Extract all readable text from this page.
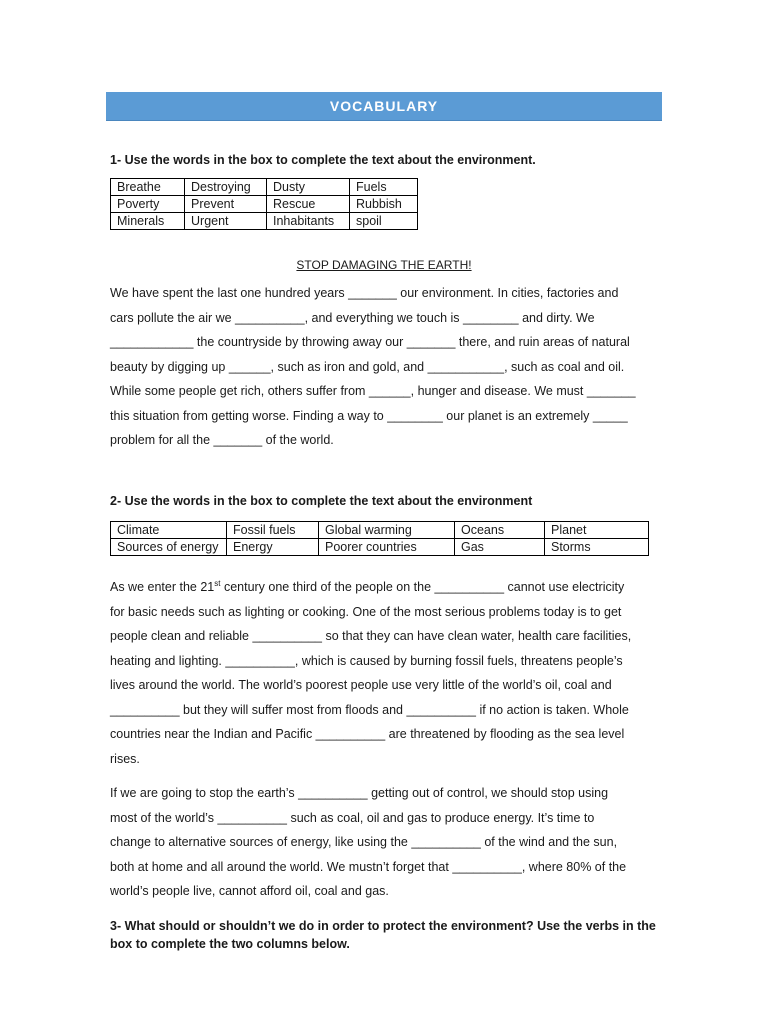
VOCABULARY
1- Use the words in the box to complete the text about the environment.
Breathe	Destroying	Dusty	Fuels
Poverty	Prevent	Rescue	Rubbish
Minerals	Urgent	Inhabitants	spoil
STOP DAMAGING THE EARTH!

We have spent the last one hundred years _______ our environment. In cities, factories and

cars pollute the air we __________, and everything we touch is ________ and dirty. We

____________ the countryside by throwing away our _______ there, and ruin areas of natural

beauty by digging up ______, such as iron and gold, and ___________, such as coal and oil.

While some people get rich, others suffer from ______, hunger and disease. We must _______

this situation from getting worse. Finding a way to ________ our planet is an extremely _____

problem for all the _______ of the world.

2- Use the words in the box to complete the text about the environment
Climate	Fossil fuels	Global warming	Oceans	Planet
Sources of energy	Energy	Poorer countries	Gas	Storms

As we enter the 21st century one third of the people on the __________ cannot use electricity

for basic needs such as lighting or cooking. One of the most serious problems today is to get

people clean and reliable __________ so that they can have clean water, health care facilities,

heating and lighting. __________, which is caused by burning fossil fuels, threatens people’s

lives around the world. The world’s poorest people use very little of the world’s oil, coal and

__________ but they will suffer most from floods and __________ if no action is taken. Whole

countries near the Indian and Pacific __________ are threatened by flooding as the sea level

rises.

If we are going to stop the earth’s __________ getting out of control, we should stop using

most of the world’s __________ such as coal, oil and gas to produce energy. It’s time to

change to alternative sources of energy, like using the __________ of the wind and the sun,

both at home and all around the world. We mustn’t forget that __________, where 80% of the

world’s people live, cannot afford oil, coal and gas.

3- What should or shouldn’t we do in order to protect the environment? Use the verbs in the
box to complete the two columns below.
